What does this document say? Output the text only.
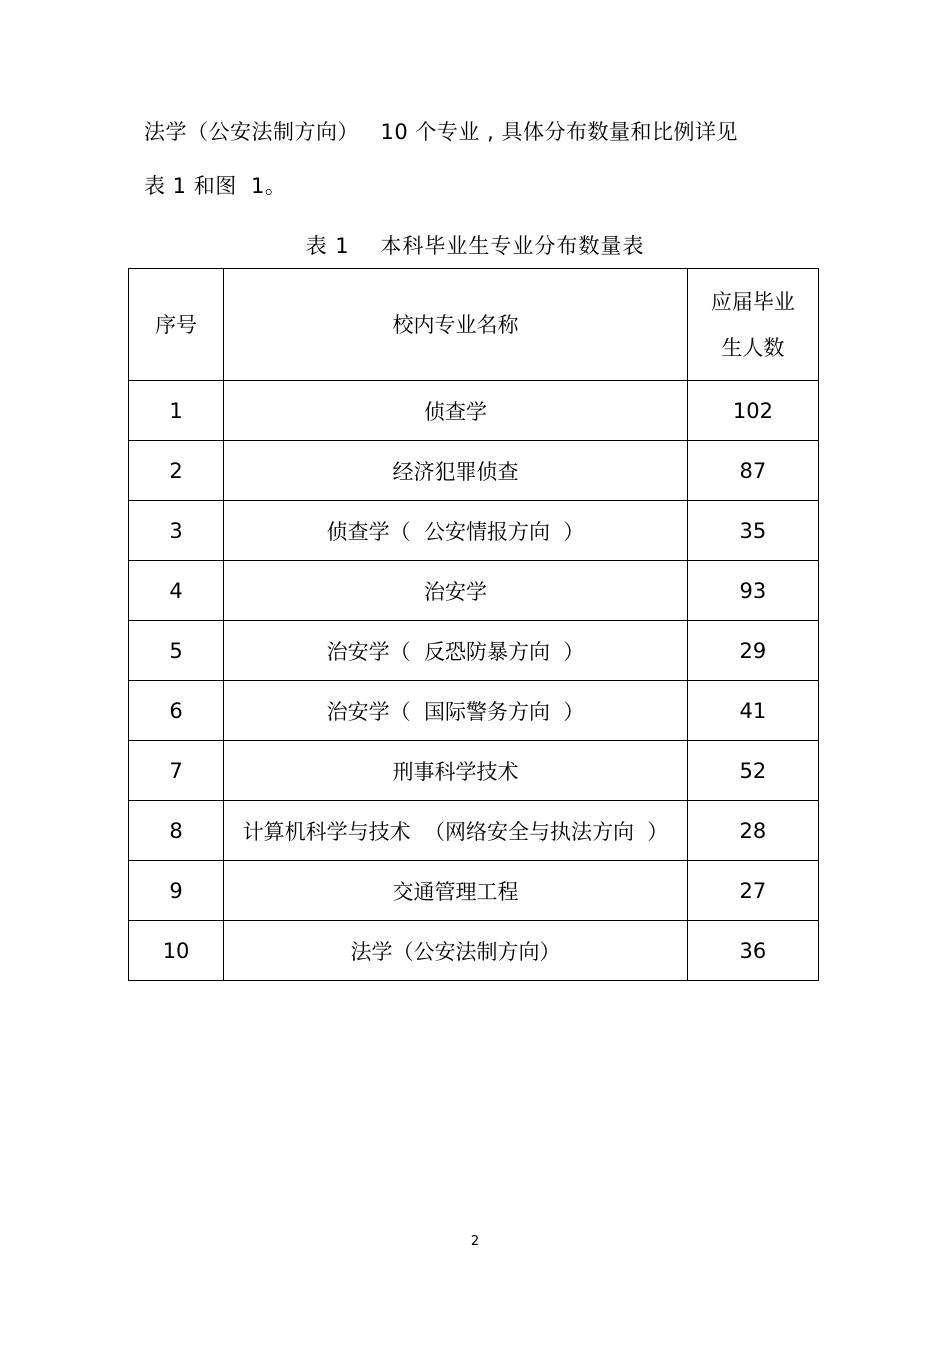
法学（公安法制方向）   10 个专业 , 具体分布数量和比例详见
表 1 和图  1。
表 1    本科毕业生专业分布数量表
序号	校内专业名称	应届毕业
生人数
1	侦查学	102
2	经济犯罪侦查	87
3	侦查学（  公安情报方向  ）	35
4	治安学	93
5	治安学（  反恐防暴方向  ）	29
6	治安学（  国际警务方向  ）	41
7	刑事科学技术	52
8	计算机科学与技术  （网络安全与执法方向  ）	28
9	交通管理工程	27
10	法学（公安法制方向）	36
2
